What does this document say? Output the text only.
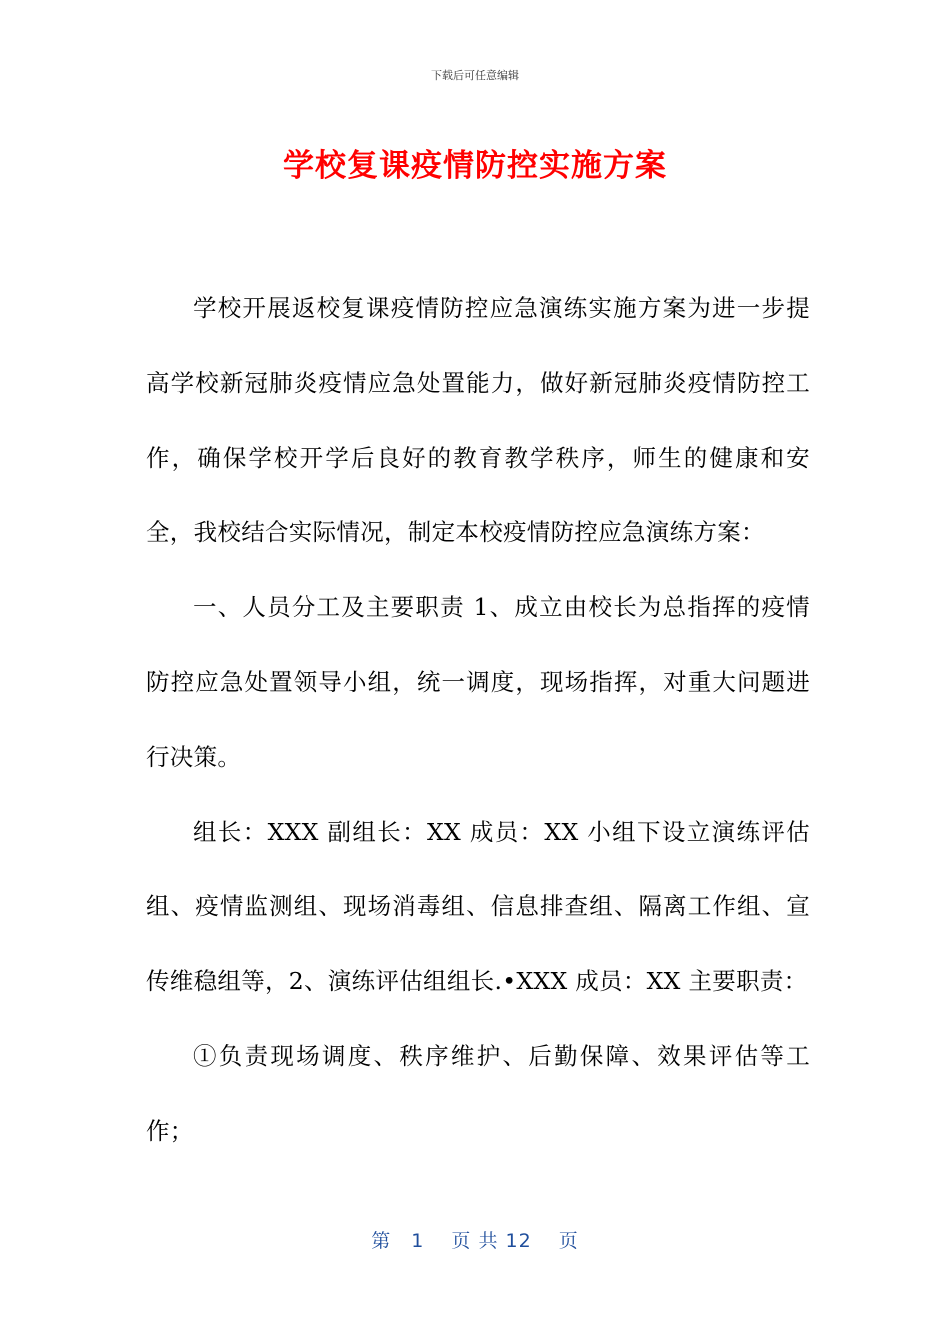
下载后可任意编辑
学校复课疫情防控实施方案

学校开展返校复课疫情防控应急演练实施方案为进一步提高学校新冠肺炎疫情应急处置能力，做好新冠肺炎疫情防控工作，确保学校开学后良好的教育教学秩序，师生的健康和安全，我校结合实际情况，制定本校疫情防控应急演练方案：

一、人员分工及主要职责 1、成立由校长为总指挥的疫情防控应急处置领导小组，统一调度，现场指挥，对重大问题进行决策。

组长：XXX 副组长：XX 成员：XX 小组下设立演练评估组、疫情监测组、现场消毒组、信息排查组、隔离工作组、宣传维稳组等，2、演练评估组组长.•XXX 成员：XX 主要职责：

①负责现场调度、秩序维护、后勤保障、效果评估等工作；

第　1　 页 共 12　 页
